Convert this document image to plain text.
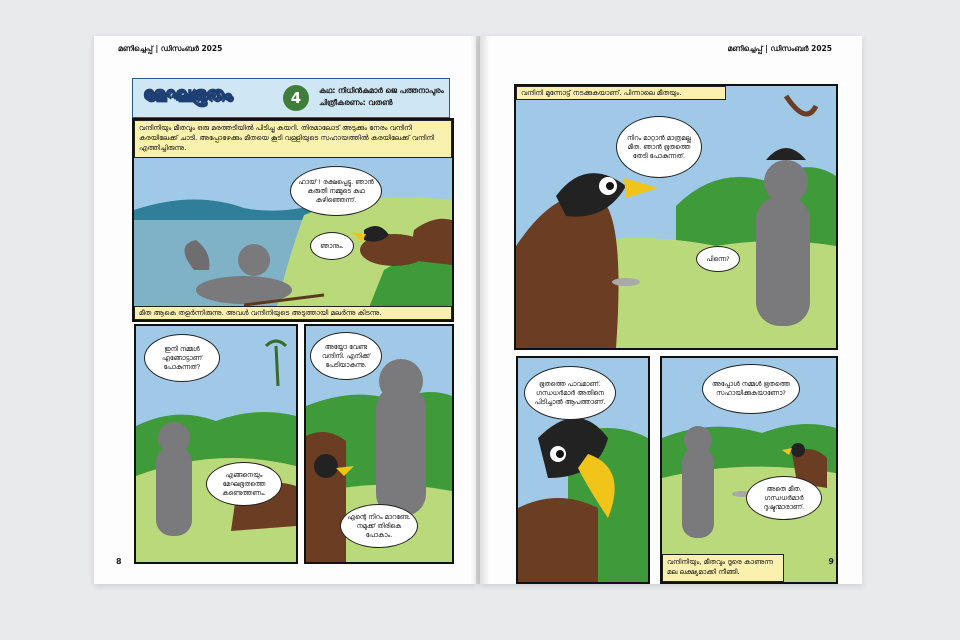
മണിച്ചെപ്പ് | ഡിസംബർ 2025
മേഘഭൂതം	4	കഥ: നിധിൻകുമാർ ജെ പത്തനാപുരം
ചിത്രീകരണം: വതൺ
വന്ദിനിയും മീതവും ഒരു മരത്തടിയിൽ പിടിച്ചു കയറി. തിരമാലോട് അടുക്കും നേരം വന്ദിനി കരയിലേക്ക് ചാടി. അപ്പോഴേക്കും മീതയെ കൂടി വള്ളിയുടെ സഹായത്തിൽ കരയിലേക്ക് വന്ദിനി എത്തിച്ചിരുന്നു.
ഹായ് ! രക്ഷപ്പെട്ടു. ഞാൻ കരുതി നമ്മുടെ കഥ കഴിഞ്ഞെന്ന്.
ഞാനും.
മീത ആകെ തളർന്നിരുന്നു. അവൾ വന്ദിനിയുടെ അടുത്തായി മലർന്നു കിടന്നു.
ഇനി നമ്മൾ എങ്ങോട്ടാണ് പോകുന്നത്?
എങ്ങനെയും മേഘഭൂതത്തെ കണ്ടെത്തണം.
അയ്യോ വേണ്ട വന്ദിനി. എനിക്ക് പേടിയാകുന്നു.
എന്റെ നിറം മാറണ്ടേ. നമുക്ക് തിരികെ പോകാം.
8
മണിച്ചെപ്പ് | ഡിസംബർ 2025
വന്ദിനി മുന്നോട്ട് നടക്കുകയാണ്. പിന്നാലെ മീതയും.
നിറം മാറ്റാൻ മാത്രമല്ല മീത. ഞാൻ ഭൂതത്തെ തേടി പോകുന്നത്.
പിന്നെ?
ഭൂതത്തെ പാവമാണ്. ഗന്ധധർമാർ അതിനെ പിടിച്ചാൽ ആപത്താണ്.
അപ്പോൾ നമ്മൾ ഭൂതത്തെ സഹായിക്കുകയാണോ?
അതെ മീത. ഗന്ധധർമാർ ദുഷ്ടന്മാരാണ്.
വന്ദിനിയും, മീതവും ദൂരെ കാണുന്ന മല ലക്ഷ്യമാക്കി നീങ്ങി.
9
